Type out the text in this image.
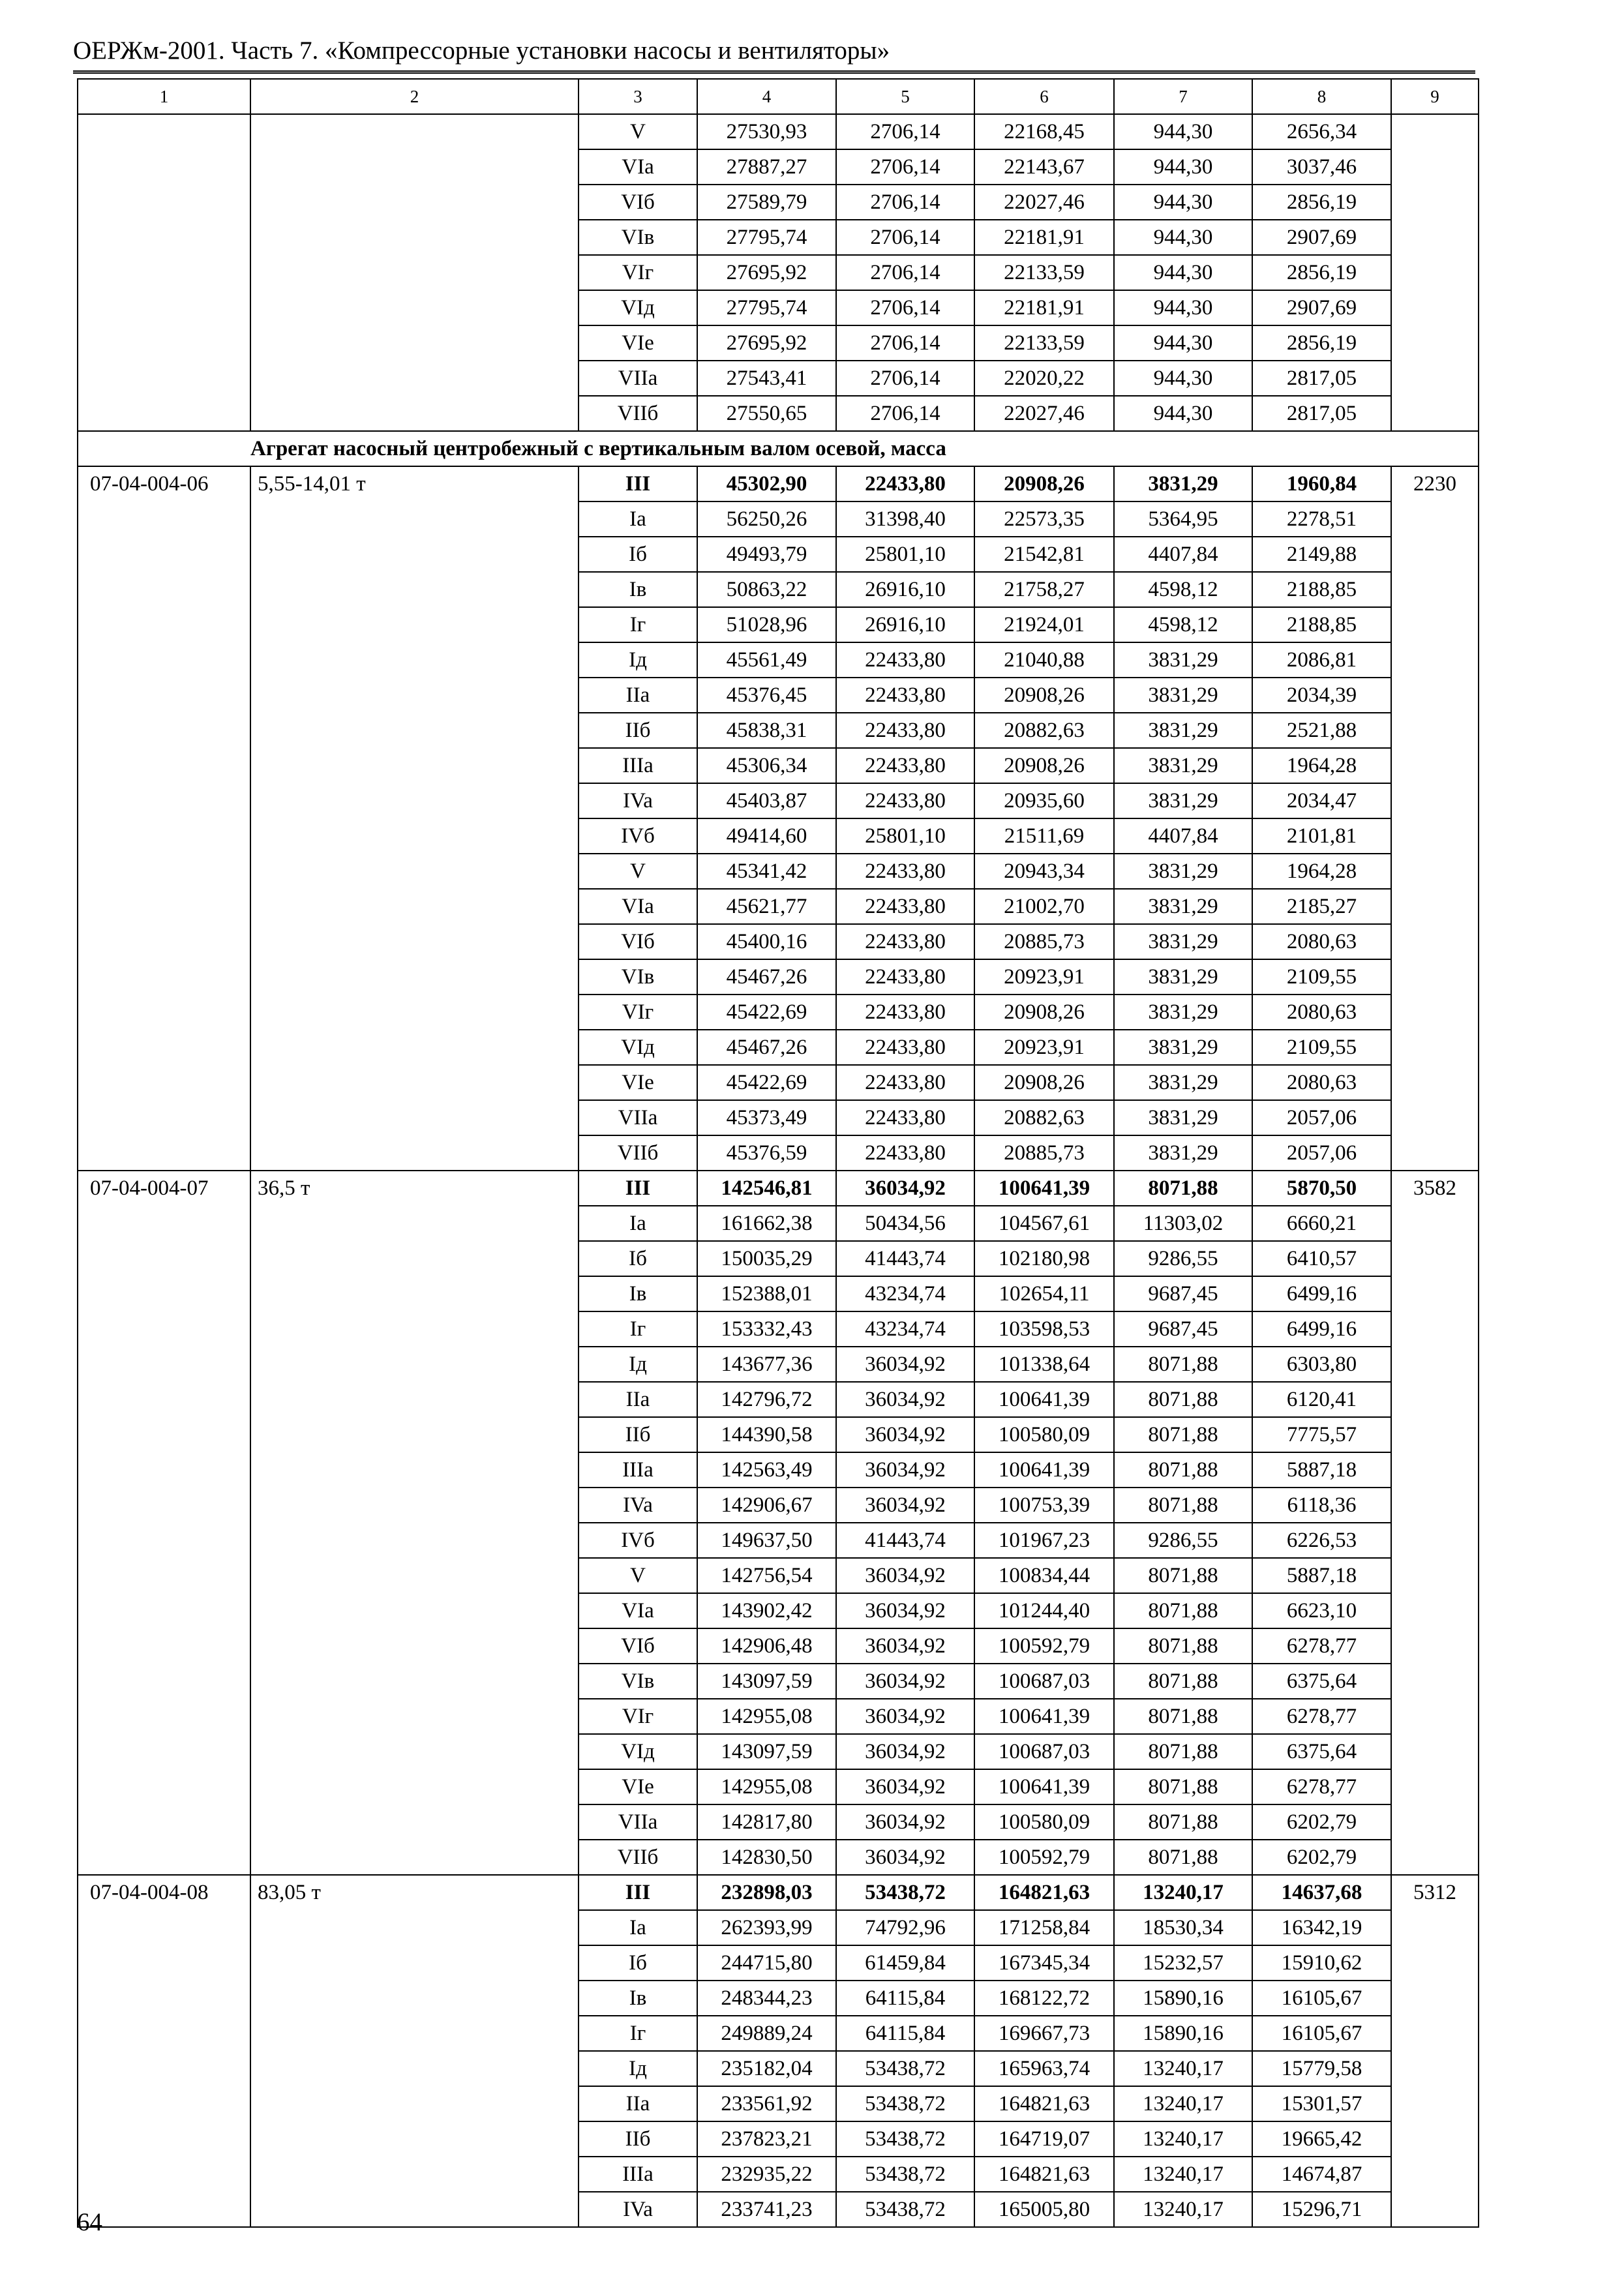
ОЕРЖм-2001. Часть 7. «Компрессорные установки насосы и вентиляторы»
1	2	3	4	5	6	7	8	9
		V	27530,93	2706,14	22168,45	944,30	2656,34	
		VIa	27887,27	2706,14	22143,67	944,30	3037,46	
		VIб	27589,79	2706,14	22027,46	944,30	2856,19	
		VIв	27795,74	2706,14	22181,91	944,30	2907,69	
		VIг	27695,92	2706,14	22133,59	944,30	2856,19	
		VIд	27795,74	2706,14	22181,91	944,30	2907,69	
		VIе	27695,92	2706,14	22133,59	944,30	2856,19	
		VIIa	27543,41	2706,14	22020,22	944,30	2817,05	
		VIIб	27550,65	2706,14	22027,46	944,30	2817,05	
Агрегат насосный центробежный с вертикальным валом осевой, масса								
07-04-004-06	5,55-14,01 т	III	45302,90	22433,80	20908,26	3831,29	1960,84	2230
		Ia	56250,26	31398,40	22573,35	5364,95	2278,51	
		Iб	49493,79	25801,10	21542,81	4407,84	2149,88	
		Iв	50863,22	26916,10	21758,27	4598,12	2188,85	
		Iг	51028,96	26916,10	21924,01	4598,12	2188,85	
		Iд	45561,49	22433,80	21040,88	3831,29	2086,81	
		IIa	45376,45	22433,80	20908,26	3831,29	2034,39	
		IIб	45838,31	22433,80	20882,63	3831,29	2521,88	
		IIIa	45306,34	22433,80	20908,26	3831,29	1964,28	
		IVa	45403,87	22433,80	20935,60	3831,29	2034,47	
		IVб	49414,60	25801,10	21511,69	4407,84	2101,81	
		V	45341,42	22433,80	20943,34	3831,29	1964,28	
		VIa	45621,77	22433,80	21002,70	3831,29	2185,27	
		VIб	45400,16	22433,80	20885,73	3831,29	2080,63	
		VIв	45467,26	22433,80	20923,91	3831,29	2109,55	
		VIг	45422,69	22433,80	20908,26	3831,29	2080,63	
		VIд	45467,26	22433,80	20923,91	3831,29	2109,55	
		VIе	45422,69	22433,80	20908,26	3831,29	2080,63	
		VIIa	45373,49	22433,80	20882,63	3831,29	2057,06	
		VIIб	45376,59	22433,80	20885,73	3831,29	2057,06	
07-04-004-07	36,5 т	III	142546,81	36034,92	100641,39	8071,88	5870,50	3582
		Ia	161662,38	50434,56	104567,61	11303,02	6660,21	
		Iб	150035,29	41443,74	102180,98	9286,55	6410,57	
		Iв	152388,01	43234,74	102654,11	9687,45	6499,16	
		Iг	153332,43	43234,74	103598,53	9687,45	6499,16	
		Iд	143677,36	36034,92	101338,64	8071,88	6303,80	
		IIa	142796,72	36034,92	100641,39	8071,88	6120,41	
		IIб	144390,58	36034,92	100580,09	8071,88	7775,57	
		IIIa	142563,49	36034,92	100641,39	8071,88	5887,18	
		IVa	142906,67	36034,92	100753,39	8071,88	6118,36	
		IVб	149637,50	41443,74	101967,23	9286,55	6226,53	
		V	142756,54	36034,92	100834,44	8071,88	5887,18	
		VIa	143902,42	36034,92	101244,40	8071,88	6623,10	
		VIб	142906,48	36034,92	100592,79	8071,88	6278,77	
		VIв	143097,59	36034,92	100687,03	8071,88	6375,64	
		VIг	142955,08	36034,92	100641,39	8071,88	6278,77	
		VIд	143097,59	36034,92	100687,03	8071,88	6375,64	
		VIе	142955,08	36034,92	100641,39	8071,88	6278,77	
		VIIa	142817,80	36034,92	100580,09	8071,88	6202,79	
		VIIб	142830,50	36034,92	100592,79	8071,88	6202,79	
07-04-004-08	83,05 т	III	232898,03	53438,72	164821,63	13240,17	14637,68	5312
		Ia	262393,99	74792,96	171258,84	18530,34	16342,19	
		Iб	244715,80	61459,84	167345,34	15232,57	15910,62	
		Iв	248344,23	64115,84	168122,72	15890,16	16105,67	
		Iг	249889,24	64115,84	169667,73	15890,16	16105,67	
		Iд	235182,04	53438,72	165963,74	13240,17	15779,58	
		IIa	233561,92	53438,72	164821,63	13240,17	15301,57	
		IIб	237823,21	53438,72	164719,07	13240,17	19665,42	
		IIIa	232935,22	53438,72	164821,63	13240,17	14674,87	
		IVa	233741,23	53438,72	165005,80	13240,17	15296,71	
64
